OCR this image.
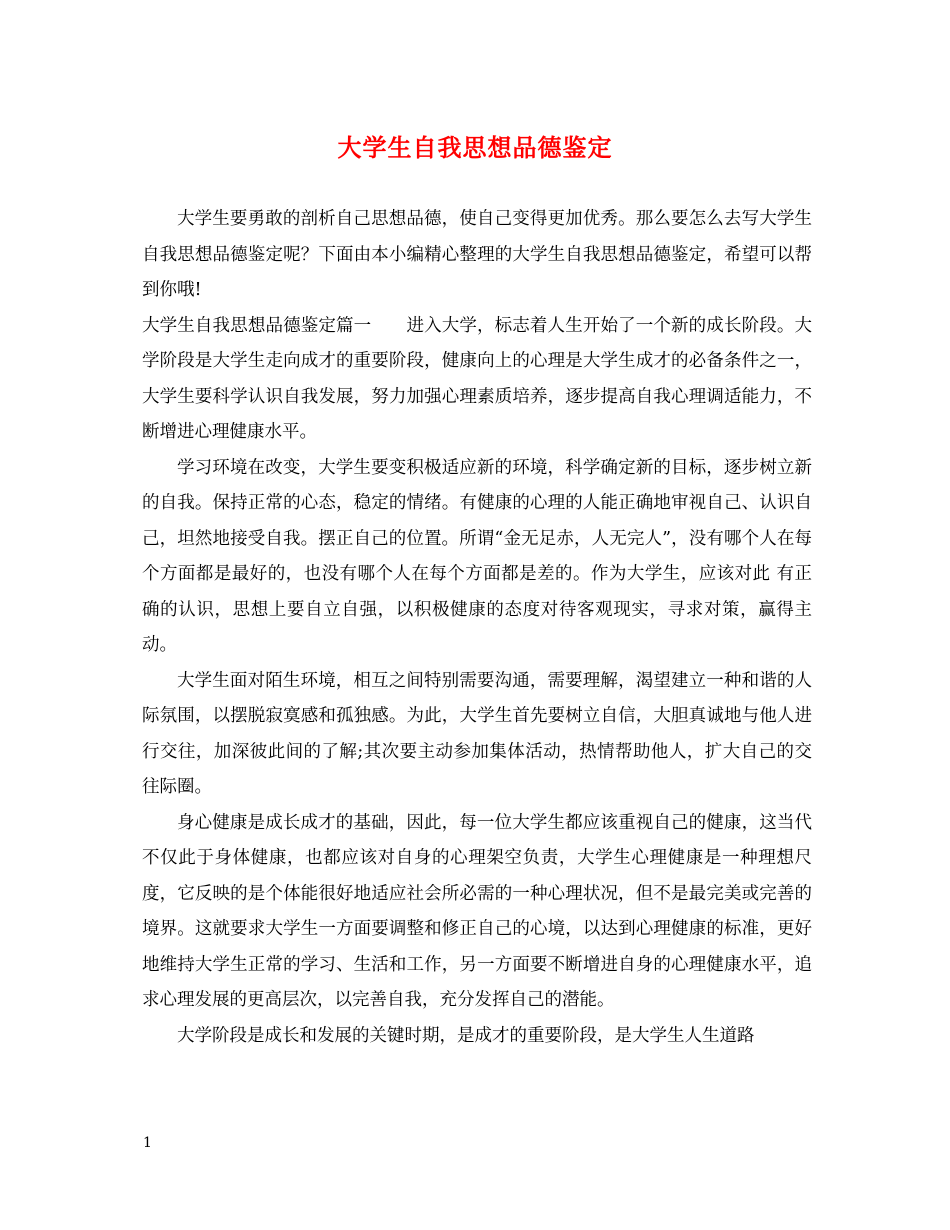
大学生自我思想品德鉴定

大学生要勇敢的剖析自己思想品德，使自己变得更加优秀。那么要怎么去写大学生自我思想品德鉴定呢？下面由本小编精心整理的大学生自我思想品德鉴定，希望可以帮到你哦!

大学生自我思想品德鉴定篇一 进入大学，标志着人生开始了一个新的成长阶段。大学阶段是大学生走向成才的重要阶段，健康向上的心理是大学生成才的必备条件之一，大学生要科学认识自我发展，努力加强心理素质培养，逐步提高自我心理调适能力，不断增进心理健康水平。

学习环境在改变，大学生要变积极适应新的环境，科学确定新的目标，逐步树立新的自我。保持正常的心态，稳定的情绪。有健康的心理的人能正确地审视自己、认识自己，坦然地接受自我。摆正自己的位置。所谓“金无足赤，人无完人”，没有哪个人在每个方面都是最好的，也没有哪个人在每个方面都是差的。作为大学生，应该对此 有正确的认识，思想上要自立自强，以积极健康的态度对待客观现实，寻求对策，赢得主动。

大学生面对陌生环境，相互之间特别需要沟通，需要理解，渴望建立一种和谐的人际氛围，以摆脱寂寞感和孤独感。为此，大学生首先要树立自信，大胆真诚地与他人进行交往，加深彼此间的了解;其次要主动参加集体活动，热情帮助他人，扩大自己的交往际圈。

身心健康是成长成才的基础，因此，每一位大学生都应该重视自己的健康，这当代不仅此于身体健康，也都应该对自身的心理架空负责，大学生心理健康是一种理想尺度，它反映的是个体能很好地适应社会所必需的一种心理状况，但不是最完美或完善的境界。这就要求大学生一方面要调整和修正自己的心境，以达到心理健康的标准，更好地维持大学生正常的学习、生活和工作，另一方面要不断增进自身的心理健康水平，追求心理发展的更高层次，以完善自我，充分发挥自己的潜能。

大学阶段是成长和发展的关键时期，是成才的重要阶段，是大学生人生道路

1
